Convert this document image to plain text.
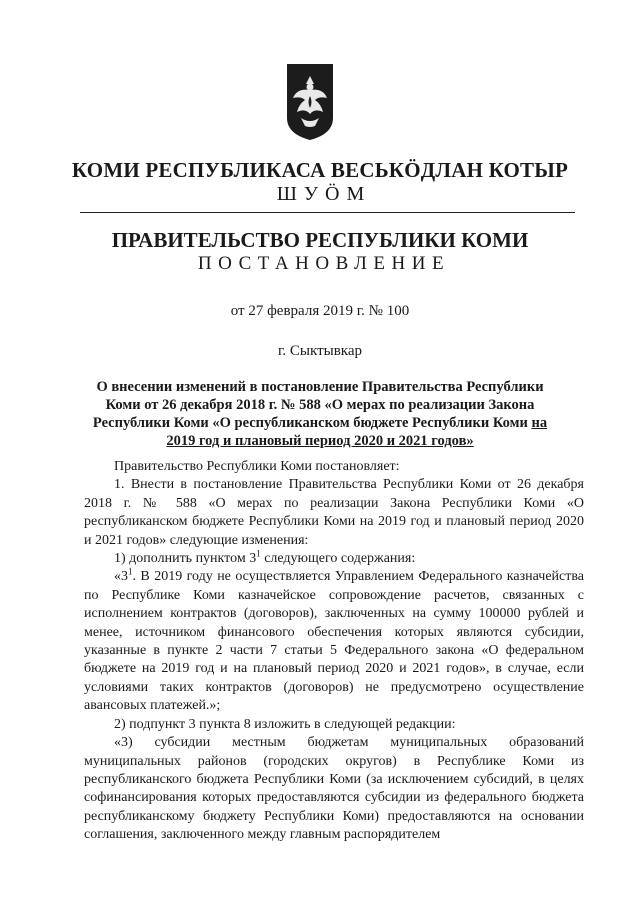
КОМИ РЕСПУБЛИКАСА ВЕСЬКӦДЛАН КОТЫР
ШУӦМ
ПРАВИТЕЛЬСТВО РЕСПУБЛИКИ КОМИ
ПОСТАНОВЛЕНИЕ
от 27 февраля 2019 г. № 100
г. Сыктывкар
О внесении изменений в постановление Правительства Республики Коми от 26 декабря 2018 г. № 588 «О мерах по реализации Закона Республики Коми «О республиканском бюджете Республики Коми на 2019 год и плановый период 2020 и 2021 годов»

Правительство Республики Коми постановляет:

1. Внести в постановление Правительства Республики Коми от 26 декабря 2018 г. № 588 «О мерах по реализации Закона Республики Коми «О республиканском бюджете Республики Коми на 2019 год и плановый период 2020 и 2021 годов» следующие изменения:

1) дополнить пунктом $3^1$ следующего содержания:

«$3^1$. В 2019 году не осуществляется Управлением Федерального казначейства по Республике Коми казначейское сопровождение расчетов, связанных с исполнением контрактов (договоров), заключенных на сумму 100000 рублей и менее, источником финансового обеспечения которых являются субсидии, указанные в пункте 2 части 7 статьи 5 Федерального закона «О федеральном бюджете на 2019 год и на плановый период 2020 и 2021 годов», в случае, если условиями таких контрактов (договоров) не предусмотрено осуществление авансовых платежей.»;

2) подпункт 3 пункта 8 изложить в следующей редакции:

«3) субсидии местным бюджетам муниципальных образований муниципальных районов (городских округов) в Республике Коми из республиканского бюджета Республики Коми (за исключением субсидий, в целях софинансирования которых предоставляются субсидии из федерального бюджета республиканскому бюджету Республики Коми) предоставляются на основании соглашения, заключенного между главным распорядителем
